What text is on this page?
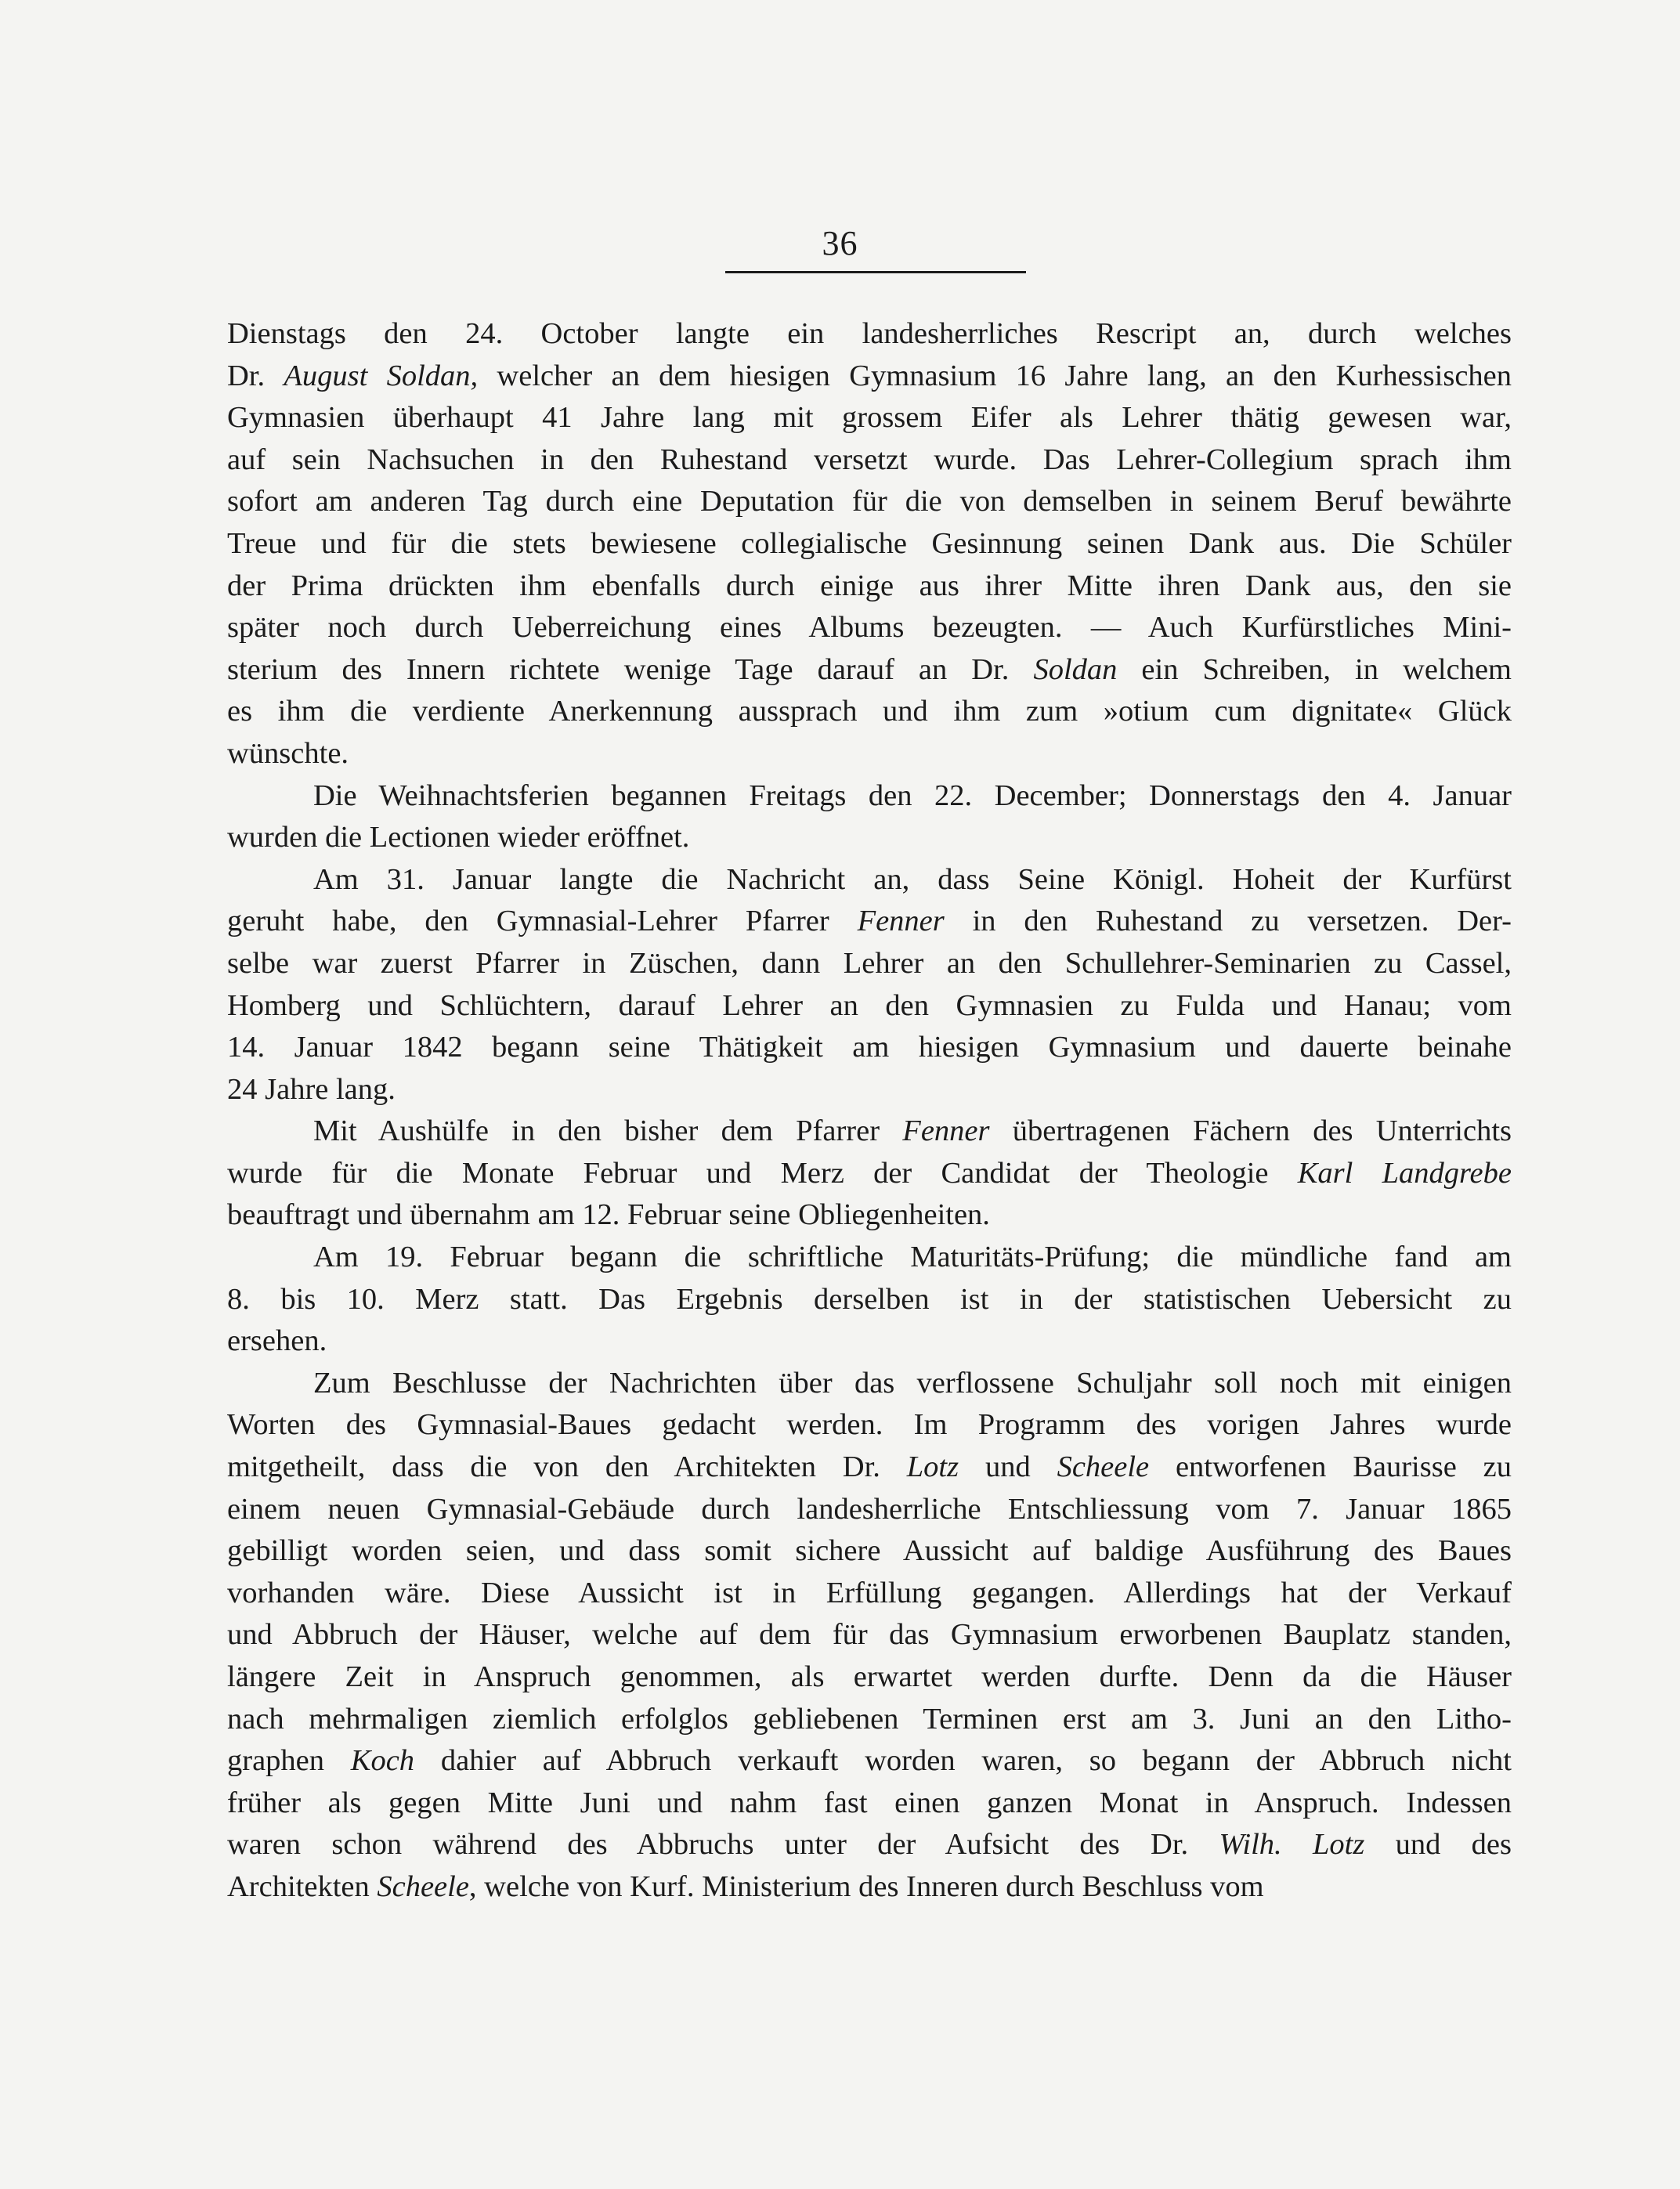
36

Dienstags den 24. October langte ein landesherrliches Rescript an, durch welches
Dr. August Soldan, welcher an dem hiesigen Gymnasium 16 Jahre lang, an den Kurhessischen
Gymnasien überhaupt 41 Jahre lang mit grossem Eifer als Lehrer thätig gewesen war,
auf sein Nachsuchen in den Ruhestand versetzt wurde. Das Lehrer-Collegium sprach ihm
sofort am anderen Tag durch eine Deputation für die von demselben in seinem Beruf bewährte
Treue und für die stets bewiesene collegialische Gesinnung seinen Dank aus. Die Schüler
der Prima drückten ihm ebenfalls durch einige aus ihrer Mitte ihren Dank aus, den sie
später noch durch Ueberreichung eines Albums bezeugten. — Auch Kurfürstliches Mini-
sterium des Innern richtete wenige Tage darauf an Dr. Soldan ein Schreiben, in welchem
es ihm die verdiente Anerkennung aussprach und ihm zum »otium cum dignitate« Glück
wünschte.

Die Weihnachtsferien begannen Freitags den 22. December; Donnerstags den 4. Januar
wurden die Lectionen wieder eröffnet.

Am 31. Januar langte die Nachricht an, dass Seine Königl. Hoheit der Kurfürst
geruht habe, den Gymnasial-Lehrer Pfarrer Fenner in den Ruhestand zu versetzen. Der-
selbe war zuerst Pfarrer in Züschen, dann Lehrer an den Schullehrer-Seminarien zu Cassel,
Homberg und Schlüchtern, darauf Lehrer an den Gymnasien zu Fulda und Hanau; vom
14. Januar 1842 begann seine Thätigkeit am hiesigen Gymnasium und dauerte beinahe
24 Jahre lang.

Mit Aushülfe in den bisher dem Pfarrer Fenner übertragenen Fächern des Unterrichts
wurde für die Monate Februar und Merz der Candidat der Theologie Karl Landgrebe
beauftragt und übernahm am 12. Februar seine Obliegenheiten.

Am 19. Februar begann die schriftliche Maturitäts-Prüfung; die mündliche fand am
8. bis 10. Merz statt. Das Ergebnis derselben ist in der statistischen Uebersicht zu
ersehen.

Zum Beschlusse der Nachrichten über das verflossene Schuljahr soll noch mit einigen
Worten des Gymnasial-Baues gedacht werden. Im Programm des vorigen Jahres wurde
mitgetheilt, dass die von den Architekten Dr. Lotz und Scheele entworfenen Baurisse zu
einem neuen Gymnasial-Gebäude durch landesherrliche Entschliessung vom 7. Januar 1865
gebilligt worden seien, und dass somit sichere Aussicht auf baldige Ausführung des Baues
vorhanden wäre. Diese Aussicht ist in Erfüllung gegangen. Allerdings hat der Verkauf
und Abbruch der Häuser, welche auf dem für das Gymnasium erworbenen Bauplatz standen,
längere Zeit in Anspruch genommen, als erwartet werden durfte. Denn da die Häuser
nach mehrmaligen ziemlich erfolglos gebliebenen Terminen erst am 3. Juni an den Litho-
graphen Koch dahier auf Abbruch verkauft worden waren, so begann der Abbruch nicht
früher als gegen Mitte Juni und nahm fast einen ganzen Monat in Anspruch. Indessen
waren schon während des Abbruchs unter der Aufsicht des Dr. Wilh. Lotz und des
Architekten Scheele, welche von Kurf. Ministerium des Inneren durch Beschluss vom
